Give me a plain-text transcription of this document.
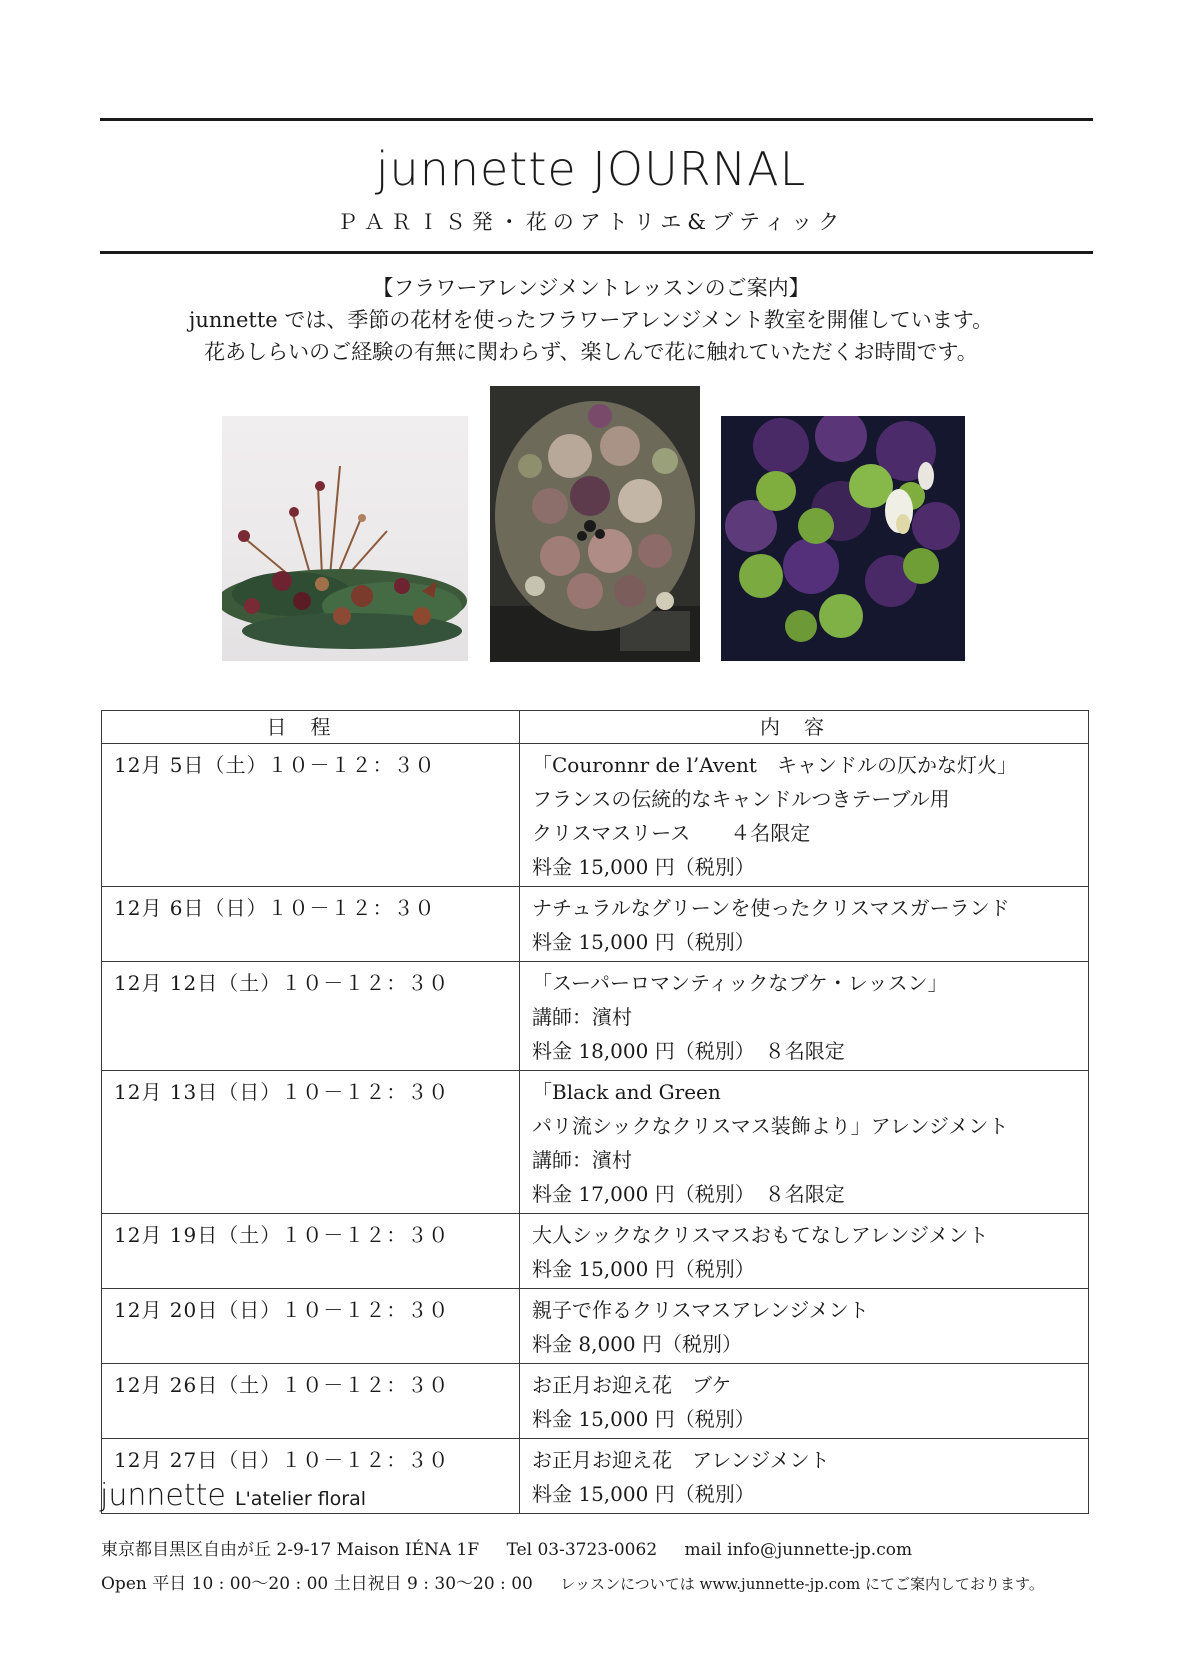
junnette JOURNAL
ＰＡＲＩＳ発・花のアトリエ&ブティック
【フラワーアレンジメントレッスンのご案内】
junnette では、季節の花材を使ったフラワーアレンジメント教室を開催しています。
花あしらいのご経験の有無に関わらず、楽しんで花に触れていただくお時間です。
日程	内容
12月 5日（土）１０－１２：３０	「Couronnr de l’Avent　キャンドルの仄かな灯火」
フランスの伝統的なキャンドルつきテーブル用
クリスマスリース　　４名限定
料金 15,000 円（税別）

12月 6日（日）１０－１２：３０	ナチュラルなグリーンを使ったクリスマスガーランド
料金 15,000 円（税別）

12月 12日（土）１０－１２：３０	「スーパーロマンティックなブケ・レッスン」
講師：濱村
料金 18,000 円（税別）　８名限定

12月 13日（日）１０－１２：３０	「Black and Green
パリ流シックなクリスマス装飾より」アレンジメント
講師：濱村
料金 17,000 円（税別）　８名限定

12月 19日（土）１０－１２：３０	大人シックなクリスマスおもてなしアレンジメント
料金 15,000 円（税別）

12月 20日（日）１０－１２：３０	親子で作るクリスマスアレンジメント
料金 8,000 円（税別）

12月 26日（土）１０－１２：３０	お正月お迎え花　ブケ
料金 15,000 円（税別）

12月 27日（日）１０－１２：３０	お正月お迎え花　アレンジメント
料金 15,000 円（税別）
junnette L'atelier floral
東京都目黒区自由が丘 2-9-17 Maison IÉNA 1F Tel 03-3723-0062 mail info@junnette-jp.com
Open 平日 10 : 00～20 : 00 土日祝日 9 : 30～20 : 00 レッスンについては www.junnette-jp.com にてご案内しております。
